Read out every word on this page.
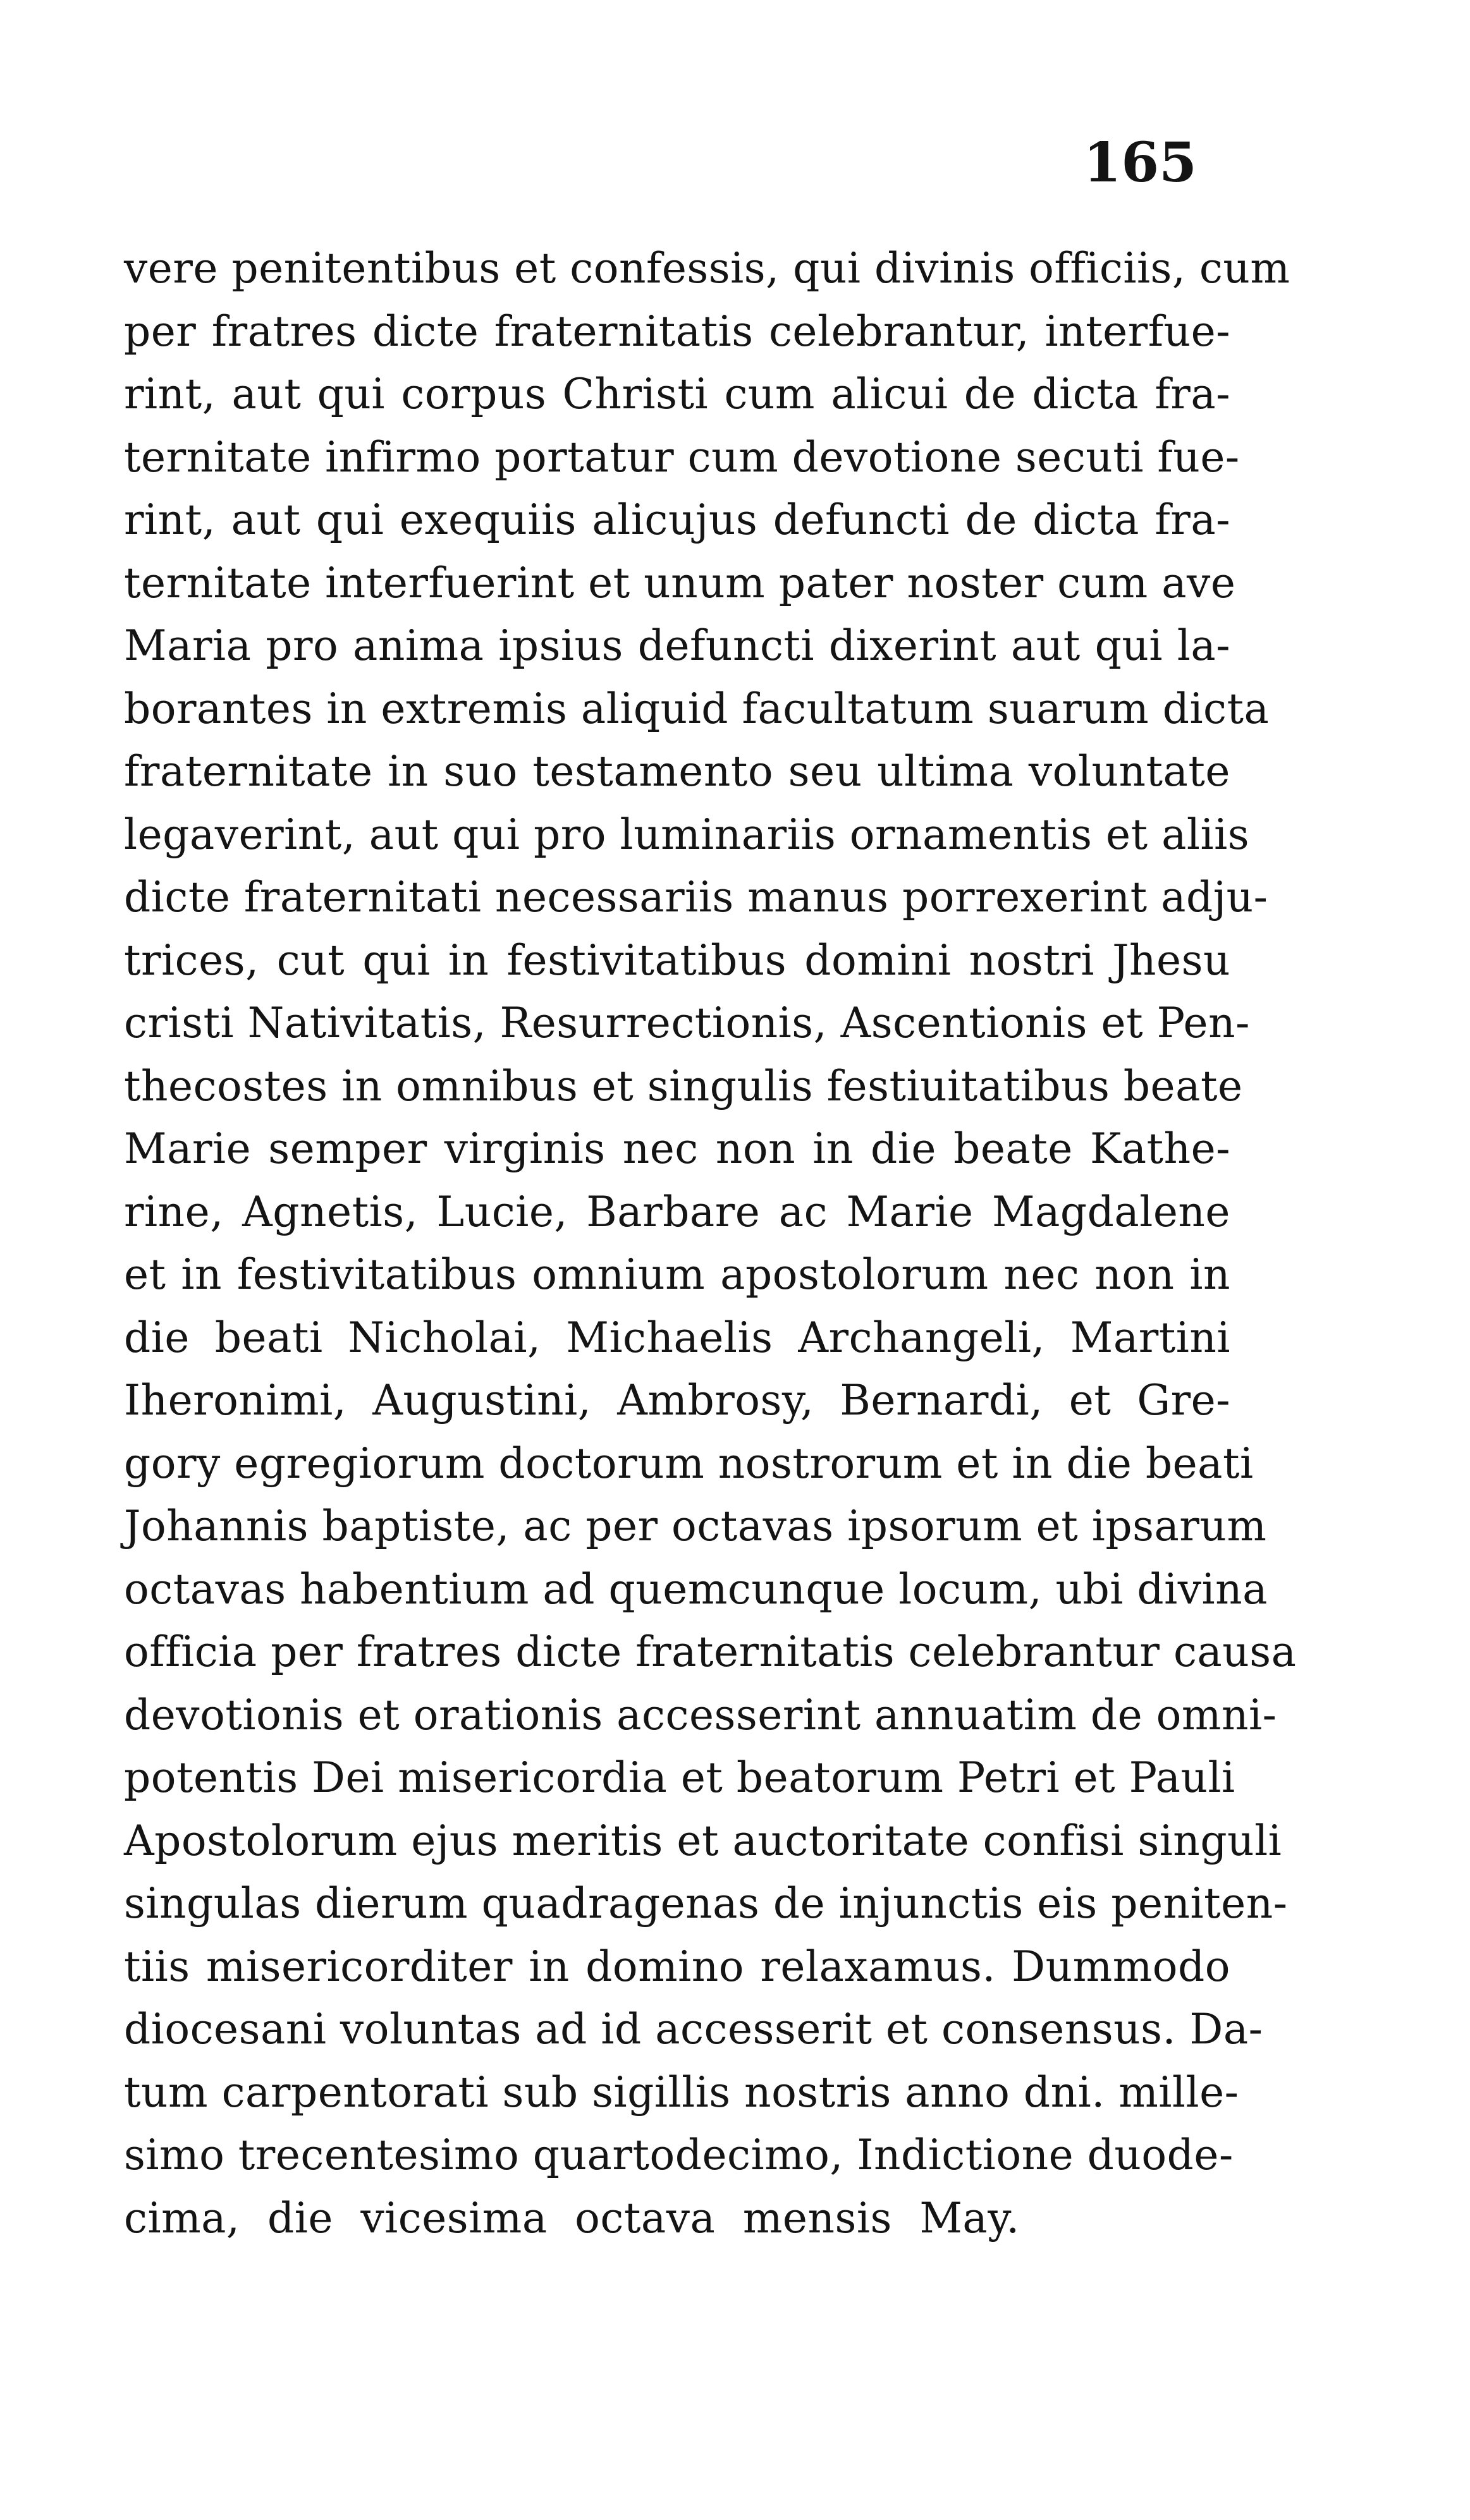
165
vere penitentibus et confessis, qui divinis officiis, cum
per fratres dicte fraternitatis celebrantur, interfue-
rint, aut qui corpus Christi cum alicui de dicta fra-
ternitate infirmo portatur cum devotione secuti fue-
rint, aut qui exequiis alicujus defuncti de dicta fra-
ternitate interfuerint et unum pater noster cum ave
Maria pro anima ipsius defuncti dixerint aut qui la-
borantes in extremis aliquid facultatum suarum dicta
fraternitate in suo testamento seu ultima voluntate
legaverint, aut qui pro luminariis ornamentis et aliis
dicte fraternitati necessariis manus porrexerint adju-
trices, cut qui in festivitatibus domini nostri Jhesu
cristi Nativitatis, Resurrectionis, Ascentionis et Pen-
thecostes in omnibus et singulis festiuitatibus beate
Marie semper virginis nec non in die beate Kathe-
rine, Agnetis, Lucie, Barbare ac Marie Magdalene
et in festivitatibus omnium apostolorum nec non in
die beati Nicholai, Michaelis Archangeli, Martini
Iheronimi, Augustini, Ambrosy, Bernardi, et Gre-
gory egregiorum doctorum nostrorum et in die beati
Johannis baptiste, ac per octavas ipsorum et ipsarum
octavas habentium ad quemcunque locum, ubi divina
officia per fratres dicte fraternitatis celebrantur causa
devotionis et orationis accesserint annuatim de omni-
potentis Dei misericordia et beatorum Petri et Pauli
Apostolorum ejus meritis et auctoritate confisi singuli
singulas dierum quadragenas de injunctis eis peniten-
tiis misericorditer in domino relaxamus. Dummodo
diocesani voluntas ad id accesserit et consensus. Da-
tum carpentorati sub sigillis nostris anno dni. mille-
simo trecentesimo quartodecimo, Indictione duode-
cima, die vicesima octava mensis May.
